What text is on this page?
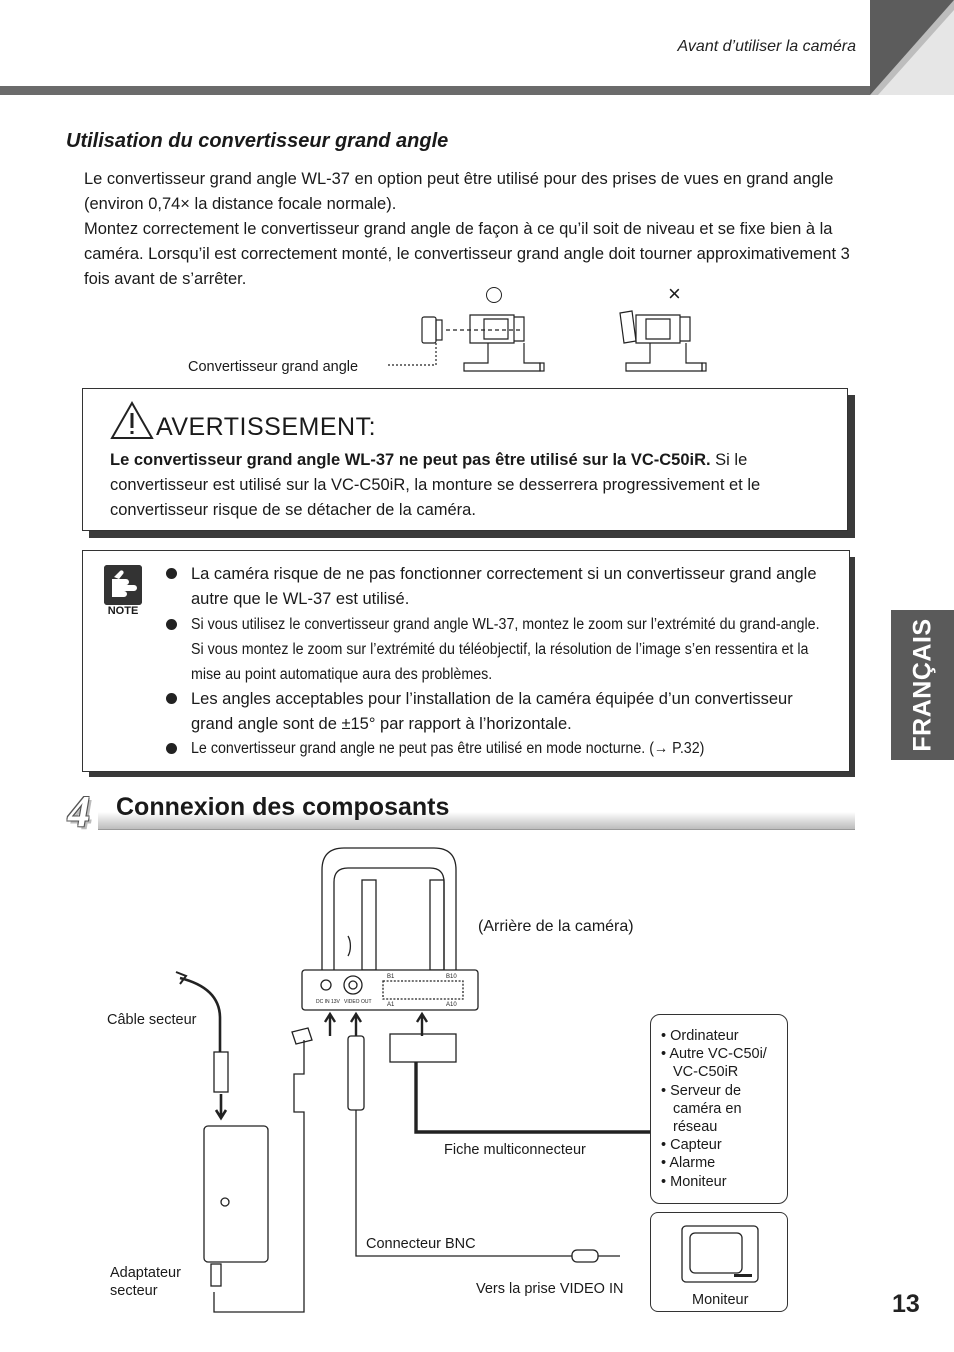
Avant d’utiliser la caméra
FRANÇAIS
13
Utilisation du convertisseur grand angle
Le convertisseur grand angle WL-37 en option peut être utilisé pour des prises de vues en grand angle (environ 0,74× la distance focale normale).
Montez correctement le convertisseur grand angle de façon à ce qu’il soit de niveau et se fixe bien à la caméra. Lorsqu’il est correctement monté, le convertisseur grand angle doit tourner approximativement 3 fois avant de s’arrêter.
Convertisseur grand angle
×
AVERTISSEMENT:
Le convertisseur grand angle WL-37 ne peut pas être utilisé sur la VC-C50iR. Si le convertisseur est utilisé sur la VC-C50iR, la monture se desserrera progressivement et le convertisseur risque de se détacher de la caméra.
NOTE
La caméra risque de ne pas fonctionner correctement si un convertisseur grand angle autre que le WL-37 est utilisé.
Si vous utilisez le convertisseur grand angle WL-37, montez le zoom sur l’extrémité du grand-angle. Si vous montez le zoom sur l’extrémité du téléobjectif, la résolution de l’image s’en ressentira et la mise au point automatique aura des problèmes.
Les angles acceptables pour l’installation de la caméra équipée d’un convertisseur grand angle sont de ±15° par rapport à l’horizontale.
Le convertisseur grand angle ne peut pas être utilisé en mode nocturne. (→ P.32)
4 Connexion des composants
B1	B10
A1	A10
DC IN 13V VIDEO OUT
(Arrière de la caméra)
Câble secteur
Adaptateur secteur
Fiche multiconnecteur
Connecteur BNC
Vers la prise VIDEO IN
• Ordinateur
• Autre VC-C50i/ VC-C50iR
• Serveur de caméra en réseau
• Capteur
• Alarme
• Moniteur
Moniteur
